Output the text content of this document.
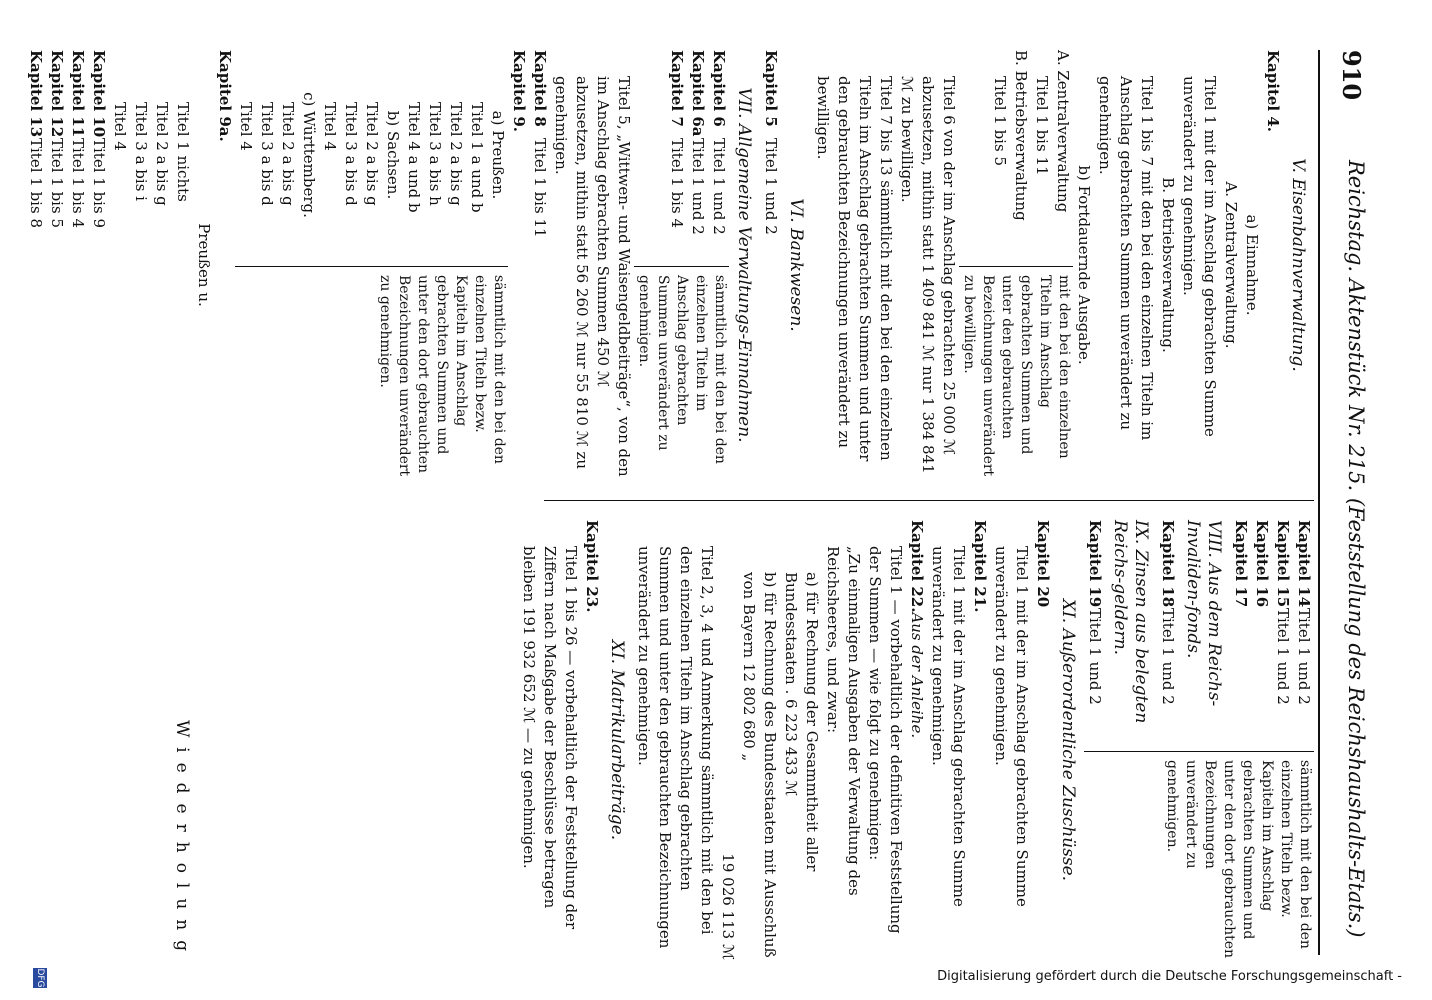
910
Reichstag. Aktenstück Nr. 215. (Feststellung des Reichshaushalts-Etats.)
V. Eisenbahnverwaltung.
Kapitel 4.
a) Einnahme.
A. Zentralverwaltung.
Titel 1 mit der im Anschlag gebrachten Summe unverändert zu genehmigen.
B. Betriebsverwaltung.
Titel 1 bis 7 mit den bei den einzelnen Titeln im Anschlag gebrachten Summen unverändert zu genehmigen.
b) Fortdauernde Ausgabe.
A. Zentralverwaltung
Titel 1 bis 11
B. Betriebsverwaltung
Titel 1 bis 5
mit den bei den einzelnen Titeln im Anschlag gebrachten Summen und unter den gebrauchten Bezeichnungen unverändert zu bewilligen.
Titel 6 von der im Anschlag gebrachten 25 000 ℳ abzusetzen, mithin statt 1 409 841 ℳ nur 1 384 841 ℳ zu bewilligen.
Titel 7 bis 13 sämmtlich mit den bei den einzelnen Titeln im Anschlag gebrachten Summen und unter den gebrauchten Bezeichnungen unverändert zu bewilligen.
VI. Bankwesen.
Kapitel 5Titel 1 und 2
VII. Allgemeine Verwaltungs-Einnahmen.
Kapitel 6Titel 1 und 2
Kapitel 6aTitel 1 und 2
Kapitel 7Titel 1 bis 4
sämmtlich mit den bei den einzelnen Titeln im Anschlag gebrachten Summen unverändert zu genehmigen.
Titel 5, „Wittwen- und Waisengeldbeiträge“, von den im Anschlag gebrachten Summen 450 ℳ abzusetzen, mithin statt 56 260 ℳ nur 55 810 ℳ zu genehmigen.
Kapitel 8Titel 1 bis 11
Kapitel 9.
a) Preußen.
Titel 1 a und b
Titel 2 a bis g
Titel 3 a bis h
Titel 4 a und b
b) Sachsen.
Titel 2 a bis g
Titel 3 a bis d
Titel 4
c) Württemberg.
Titel 2 a bis g
Titel 3 a bis d
Titel 4
sämmtlich mit den bei den einzelnen Titeln bezw. Kapiteln im Anschlag gebrachten Summen und unter den dort gebrauchten Bezeichnungen unverändert zu genehmigen.
Kapitel 9a.
Preußen u.
Titel 1 nichts
Titel 2 a bis g
Titel 3 a bis i
Titel 4
Kapitel 10Titel 1 bis 9
Kapitel 11Titel 1 bis 4
Kapitel 12Titel 1 bis 5
Kapitel 13Titel 1 bis 8
Kapitel 14Titel 1 und 2
Kapitel 15Titel 1 und 2
Kapitel 16
Kapitel 17
VIII. Aus dem Reichs-Invaliden-fonds.
Kapitel 18Titel 1 und 2
IX. Zinsen aus belegten Reichs-geldern.
Kapitel 19Titel 1 und 2
sämmtlich mit den bei den einzelnen Titeln bezw. Kapiteln im Anschlag gebrachten Summen und unter den dort gebrauchten Bezeichnungen unverändert zu genehmigen.
XI. Außerordentliche Zuschüsse.
Kapitel 20
Titel 1 mit der im Anschlag gebrachten Summe unverändert zu genehmigen.
Kapitel 21.
Titel 1 mit der im Anschlag gebrachten Summe unverändert zu genehmigen.
Kapitel 22.Aus der Anleihe.
Titel 1 — vorbehaltlich der definitiven Feststellung der Summen — wie folgt zu genehmigen:
„Zu einmaligen Ausgaben der Verwaltung des Reichsheeres, und zwar:
a) für Rechnung der Gesammtheit aller Bundesstaaten . 6 223 433 ℳ
b) für Rechnung des Bundesstaaten mit Ausschluß von Bayern 12 802 680 „
19 026 113 ℳ
Titel 2, 3, 4 und Anmerkung sämmtlich mit den bei den einzelnen Titeln im Anschlag gebrachten Summen und unter den gebrauchten Bezeichnungen unverändert zu genehmigen.
XI. Matrikularbeiträge.
Kapitel 23.
Titel 1 bis 26 — vorbehaltlich der Feststellung der Ziffern nach Maßgabe der Beschlüsse betragen bleiben 191 932 652 ℳ — zu genehmigen.
Wiederholung
Digitalisierung gefördert durch die Deutsche Forschungsgemeinschaft -
DFG
